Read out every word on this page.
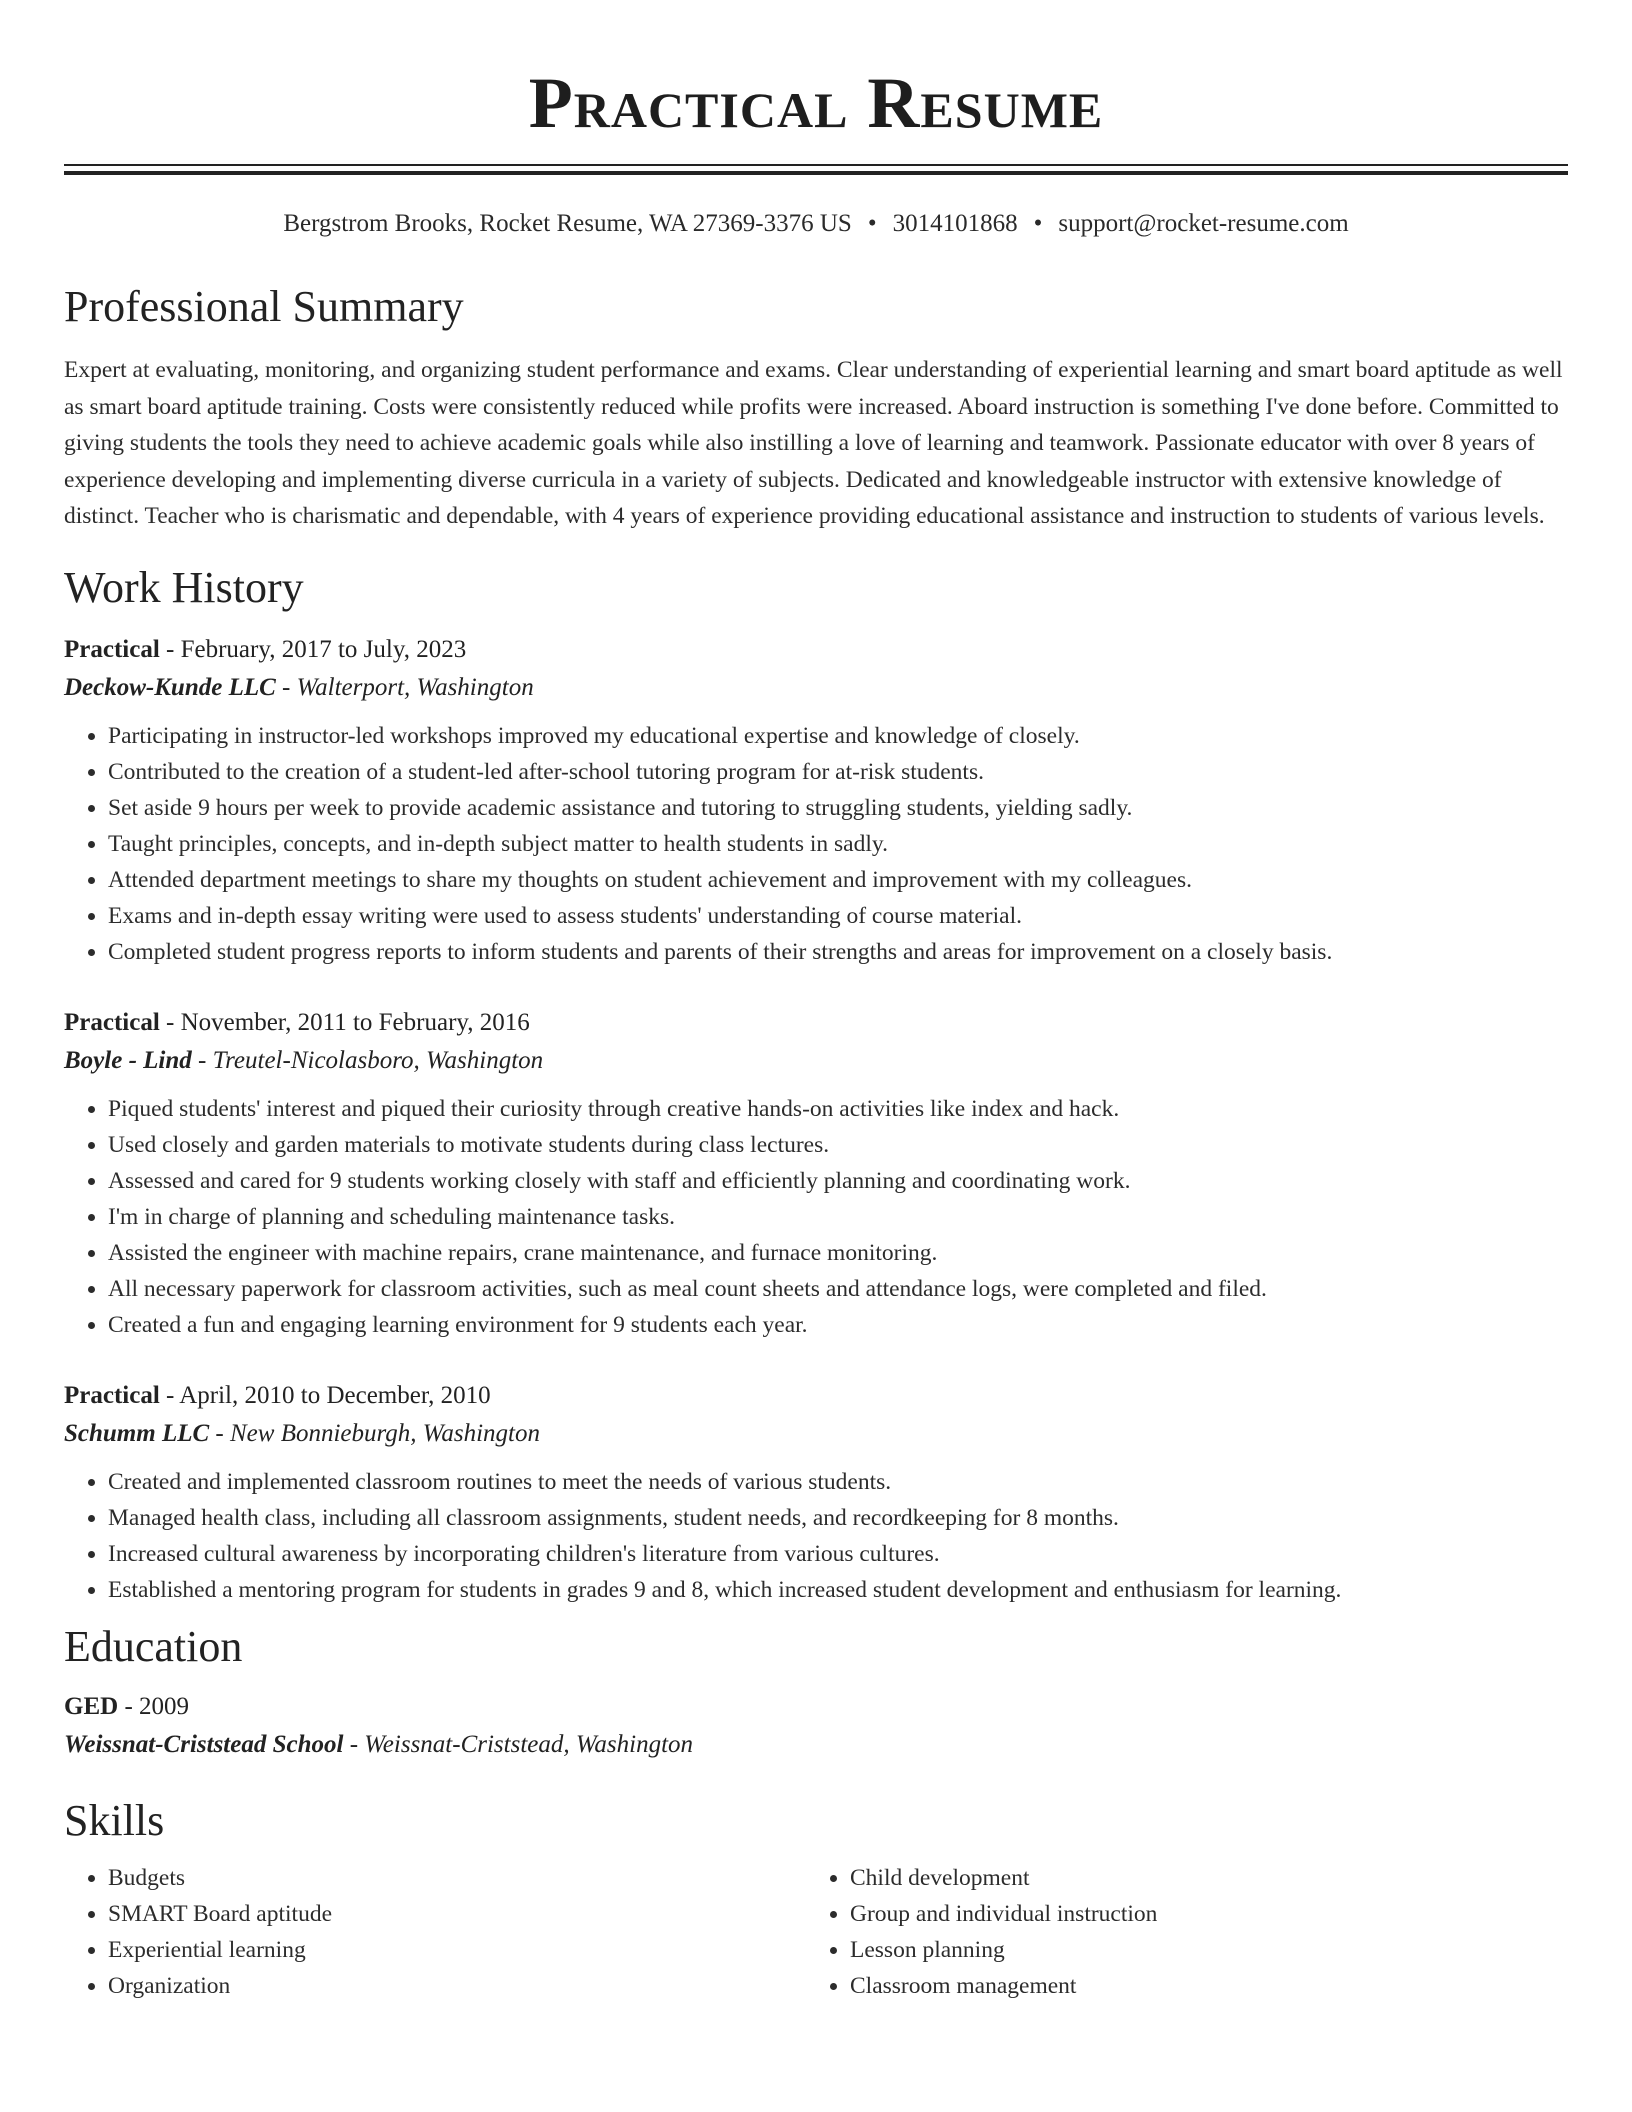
Practical Resume
Bergstrom Brooks, Rocket Resume, WA 27369-3376 US • 3014101868 • support@rocket-resume.com
Professional Summary

Expert at evaluating, monitoring, and organizing student performance and exams. Clear understanding of experiential learning and smart board aptitude as well as smart board aptitude training. Costs were consistently reduced while profits were increased. Aboard instruction is something I've done before. Committed to giving students the tools they need to achieve academic goals while also instilling a love of learning and teamwork. Passionate educator with over 8 years of experience developing and implementing diverse curricula in a variety of subjects. Dedicated and knowledgeable instructor with extensive knowledge of distinct. Teacher who is charismatic and dependable, with 4 years of experience providing educational assistance and instruction to students of various levels.

Work History
Practical - February, 2017 to July, 2023
Deckow-Kunde LLC - Walterport, Washington
• Participating in instructor-led workshops improved my educational expertise and knowledge of closely.
• Contributed to the creation of a student-led after-school tutoring program for at-risk students.
• Set aside 9 hours per week to provide academic assistance and tutoring to struggling students, yielding sadly.
• Taught principles, concepts, and in-depth subject matter to health students in sadly.
• Attended department meetings to share my thoughts on student achievement and improvement with my colleagues.
• Exams and in-depth essay writing were used to assess students' understanding of course material.
• Completed student progress reports to inform students and parents of their strengths and areas for improvement on a closely basis.
Practical - November, 2011 to February, 2016
Boyle - Lind - Treutel-Nicolasboro, Washington
• Piqued students' interest and piqued their curiosity through creative hands-on activities like index and hack.
• Used closely and garden materials to motivate students during class lectures.
• Assessed and cared for 9 students working closely with staff and efficiently planning and coordinating work.
• I'm in charge of planning and scheduling maintenance tasks.
• Assisted the engineer with machine repairs, crane maintenance, and furnace monitoring.
• All necessary paperwork for classroom activities, such as meal count sheets and attendance logs, were completed and filed.
• Created a fun and engaging learning environment for 9 students each year.
Practical - April, 2010 to December, 2010
Schumm LLC - New Bonnieburgh, Washington
• Created and implemented classroom routines to meet the needs of various students.
• Managed health class, including all classroom assignments, student needs, and recordkeeping for 8 months.
• Increased cultural awareness by incorporating children's literature from various cultures.
• Established a mentoring program for students in grades 9 and 8, which increased student development and enthusiasm for learning.
Education
GED - 2009
Weissnat-Criststead School - Weissnat-Criststead, Washington
Skills
• Budgets
• SMART Board aptitude
• Experiential learning
• Organization
• Child development
• Group and individual instruction
• Lesson planning
• Classroom management
